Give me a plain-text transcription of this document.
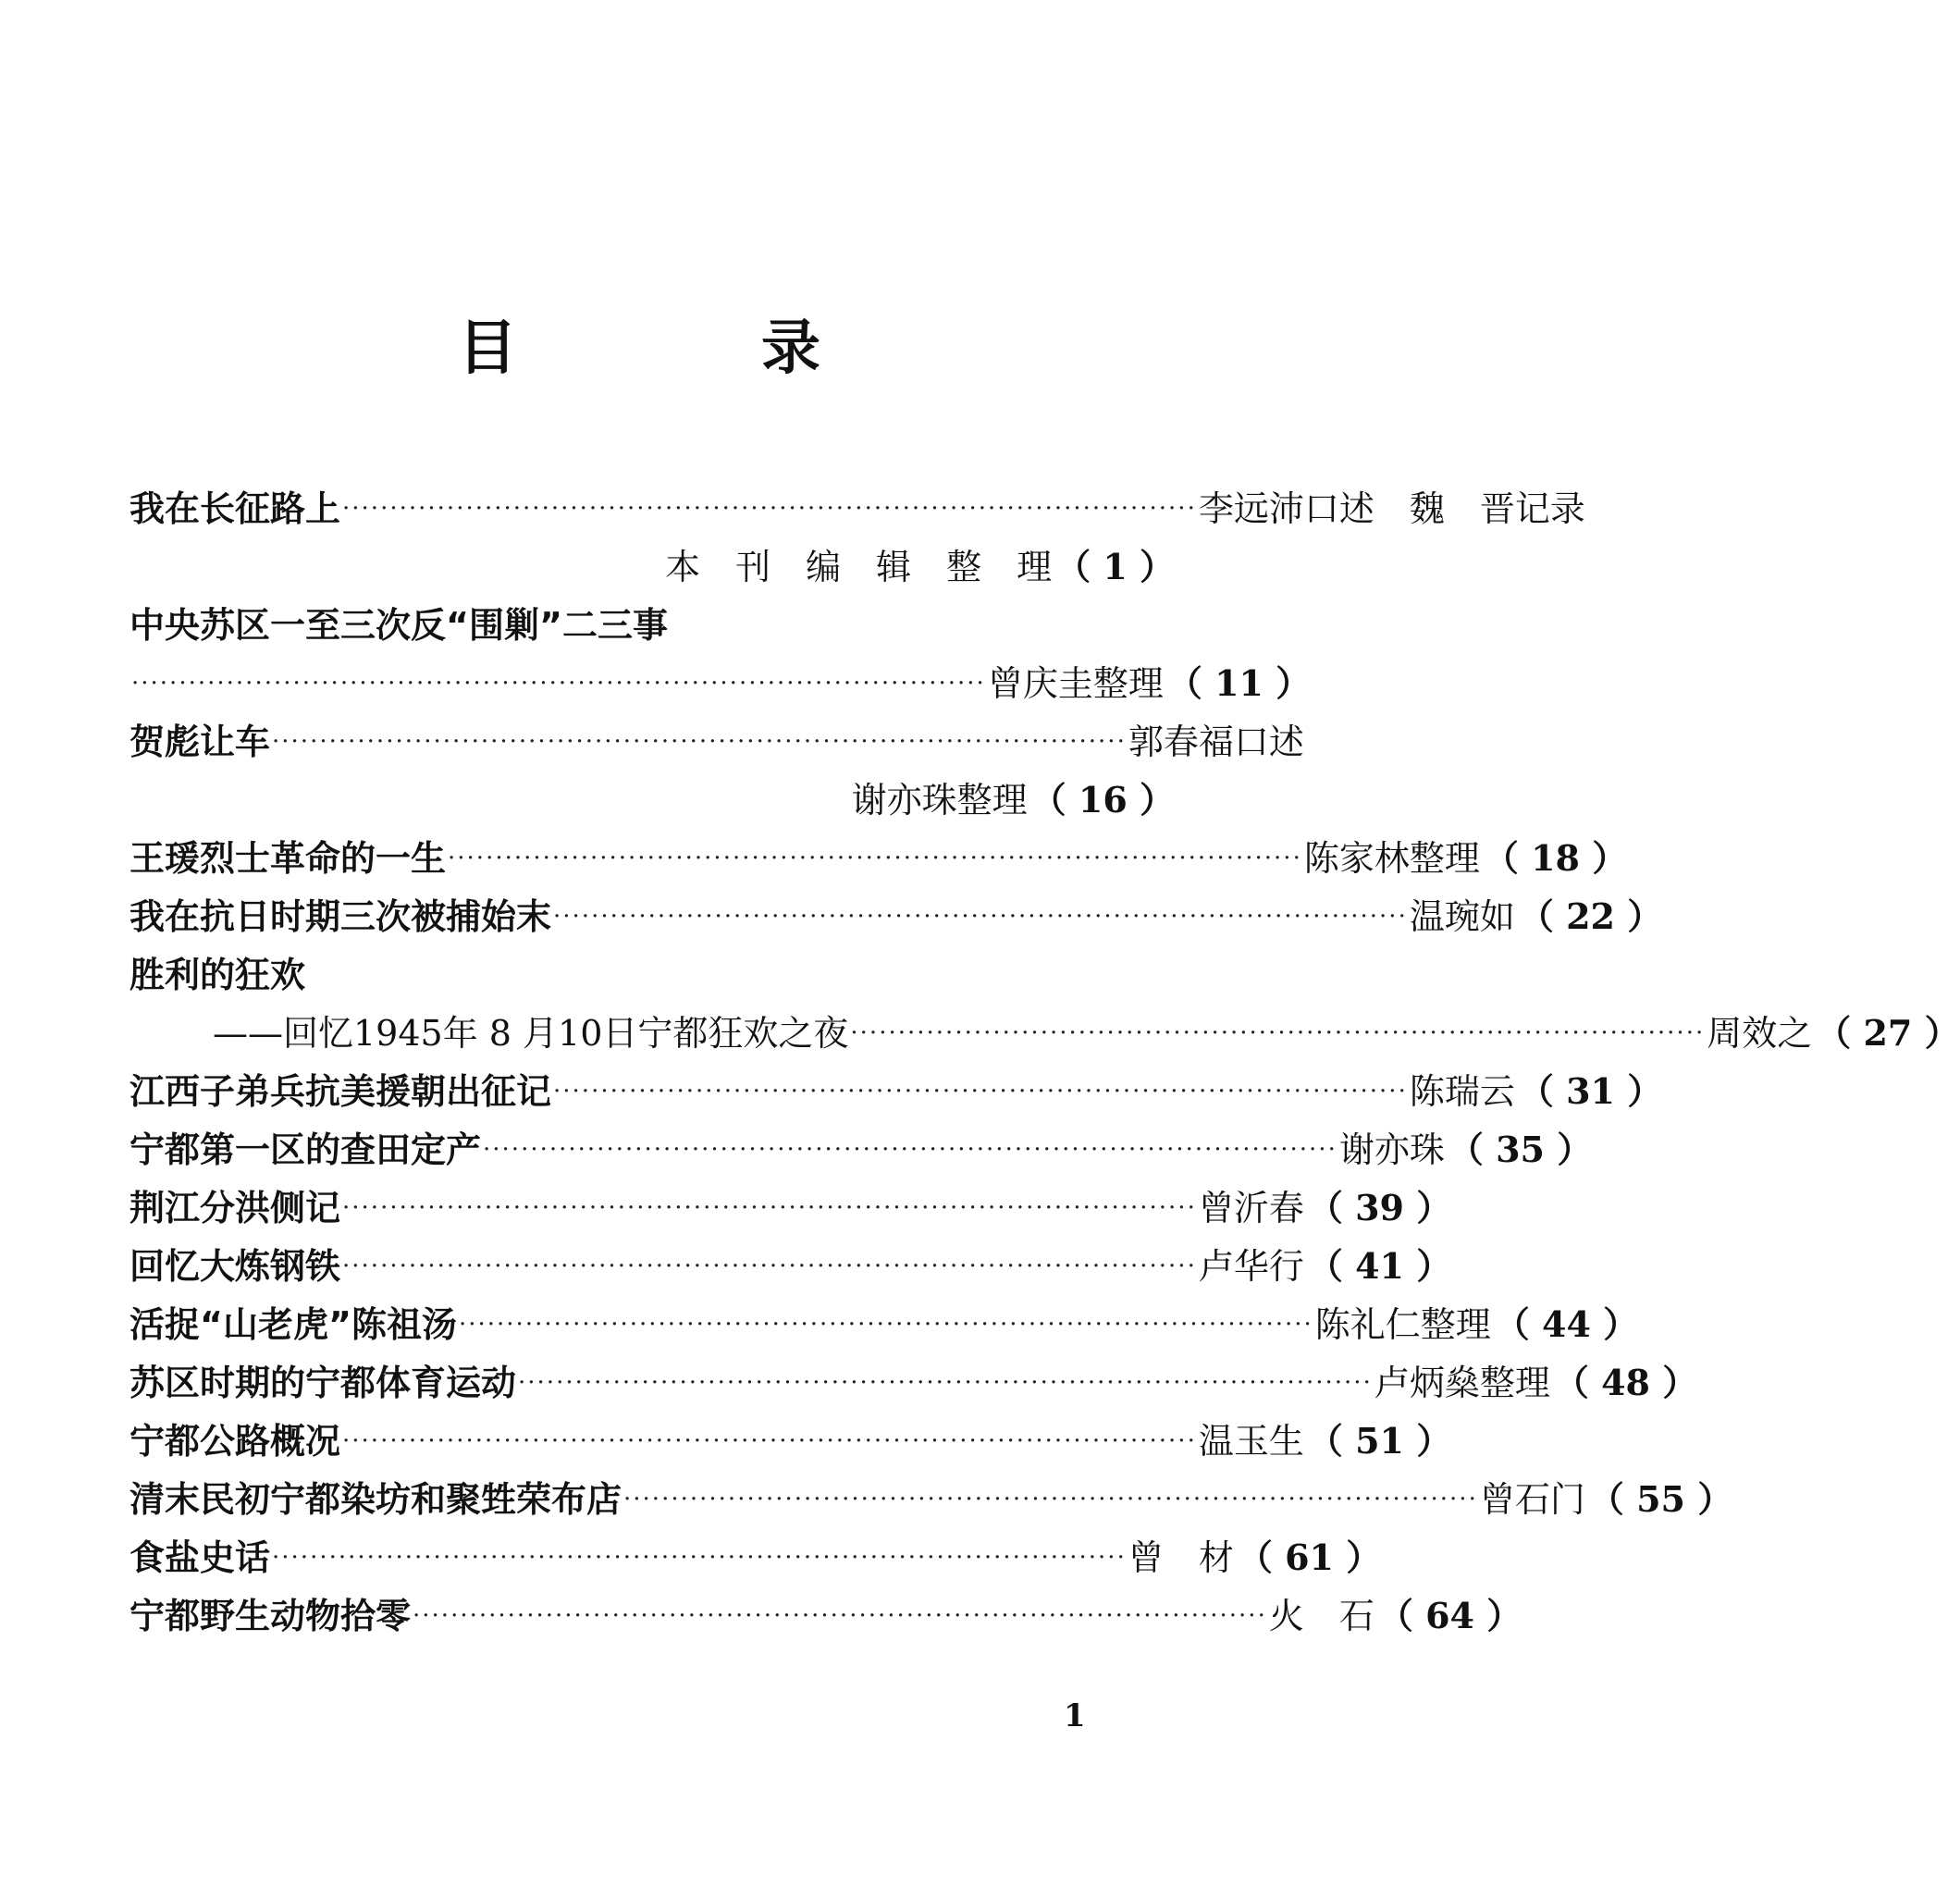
目　录
我在长征路上 ·························································································· 李远沛口述　魏　晋记录
本　刊　编　辑　整　理 （ 1 ）
中央苏区一至三次反“围剿”二三事
·························································································· 曾庆圭整理 （ 11 ）
贺彪让车 ·························································································· 郭春福口述
谢亦珠整理 （ 16 ）
王瑗烈士革命的一生 ·························································································· 陈家林整理 （ 18 ）
我在抗日时期三次被捕始末 ·························································································· 温琬如 （ 22 ）
胜利的狂欢
——回忆1945年 8 月10日宁都狂欢之夜 ·························································································· 周效之 （ 27 ）
江西子弟兵抗美援朝出征记 ·························································································· 陈瑞云 （ 31 ）
宁都第一区的查田定产 ·························································································· 谢亦珠 （ 35 ）
荆江分洪侧记 ·························································································· 曾沂春 （ 39 ）
回忆大炼钢铁 ·························································································· 卢华行 （ 41 ）
活捉“山老虎”陈祖汤 ·························································································· 陈礼仁整理 （ 44 ）
苏区时期的宁都体育运动 ·························································································· 卢炳燊整理 （ 48 ）
宁都公路概况 ·························································································· 温玉生 （ 51 ）
清末民初宁都染坊和聚甡荣布店 ·························································································· 曾石门 （ 55 ）
食盐史话 ·························································································· 曾　材 （ 61 ）
宁都野生动物拾零 ·························································································· 火　石 （ 64 ）
1
